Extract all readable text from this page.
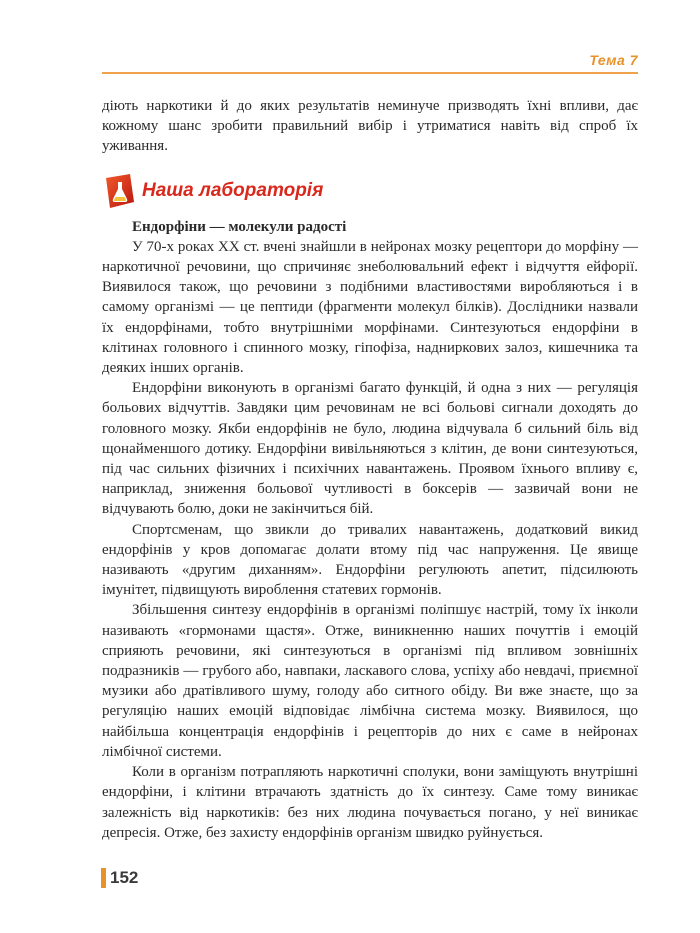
Тема 7

діють наркотики й до яких результатів неминуче призводять їхні впливи, дає кожному шанс зробити правильний вибір і утриматися навіть від спроб їх уживання.

Наша лабораторія

Ендорфіни — молекули радості

У 70-х роках ХХ ст. вчені знайшли в нейронах мозку рецептори до морфіну — наркотичної речовини, що спричиняє знеболювальний ефект і відчуття ейфорії. Виявилося також, що речовини з подібними властивостями виробляються і в самому організмі — це пептиди (фрагменти молекул білків). Дослідники назвали їх ендорфінами, тобто внутрішніми морфінами. Синтезуються ендорфіни в клітинах головного і спинного мозку, гіпофіза, надниркових залоз, кишечника та деяких інших органів.

Ендорфіни виконують в організмі багато функцій, й одна з них — регуляція больових відчуттів. Завдяки цим речовинам не всі больові сигнали доходять до головного мозку. Якби ендорфінів не було, людина відчувала б сильний біль від щонайменшого дотику. Ендорфіни вивільняються з клітин, де вони синтезуються, під час сильних фізичних і психічних навантажень. Проявом їхнього впливу є, наприклад, зниження больової чутливості в боксерів — зазвичай вони не відчувають болю, доки не закінчиться бій.

Спортсменам, що звикли до тривалих навантажень, додатковий викид ендорфінів у кров допомагає долати втому під час напруження. Це явище називають «другим диханням». Ендорфіни регулюють апетит, підсилюють імунітет, підвищують вироблення статевих гормонів.

Збільшення синтезу ендорфінів в організмі поліпшує настрій, тому їх інколи називають «гормонами щастя». Отже, виникненню наших почуттів і емоцій сприяють речовини, які синтезуються в організмі під впливом зовнішніх подразників — грубого або, навпаки, ласкавого слова, успіху або невдачі, приємної музики або дратівливого шуму, голоду або ситного обіду. Ви вже знаєте, що за регуляцію наших емоцій відповідає лімбічна система мозку. Виявилося, що найбільша концентрація ендорфінів і рецепторів до них є саме в нейронах лімбічної системи.

Коли в організм потрапляють наркотичні сполуки, вони заміщують внутрішні ендорфіни, і клітини втрачають здатність до їх синтезу. Саме тому виникає залежність від наркотиків: без них людина почувається погано, у неї виникає депресія. Отже, без захисту ендорфінів організм швидко руйнується.

152
